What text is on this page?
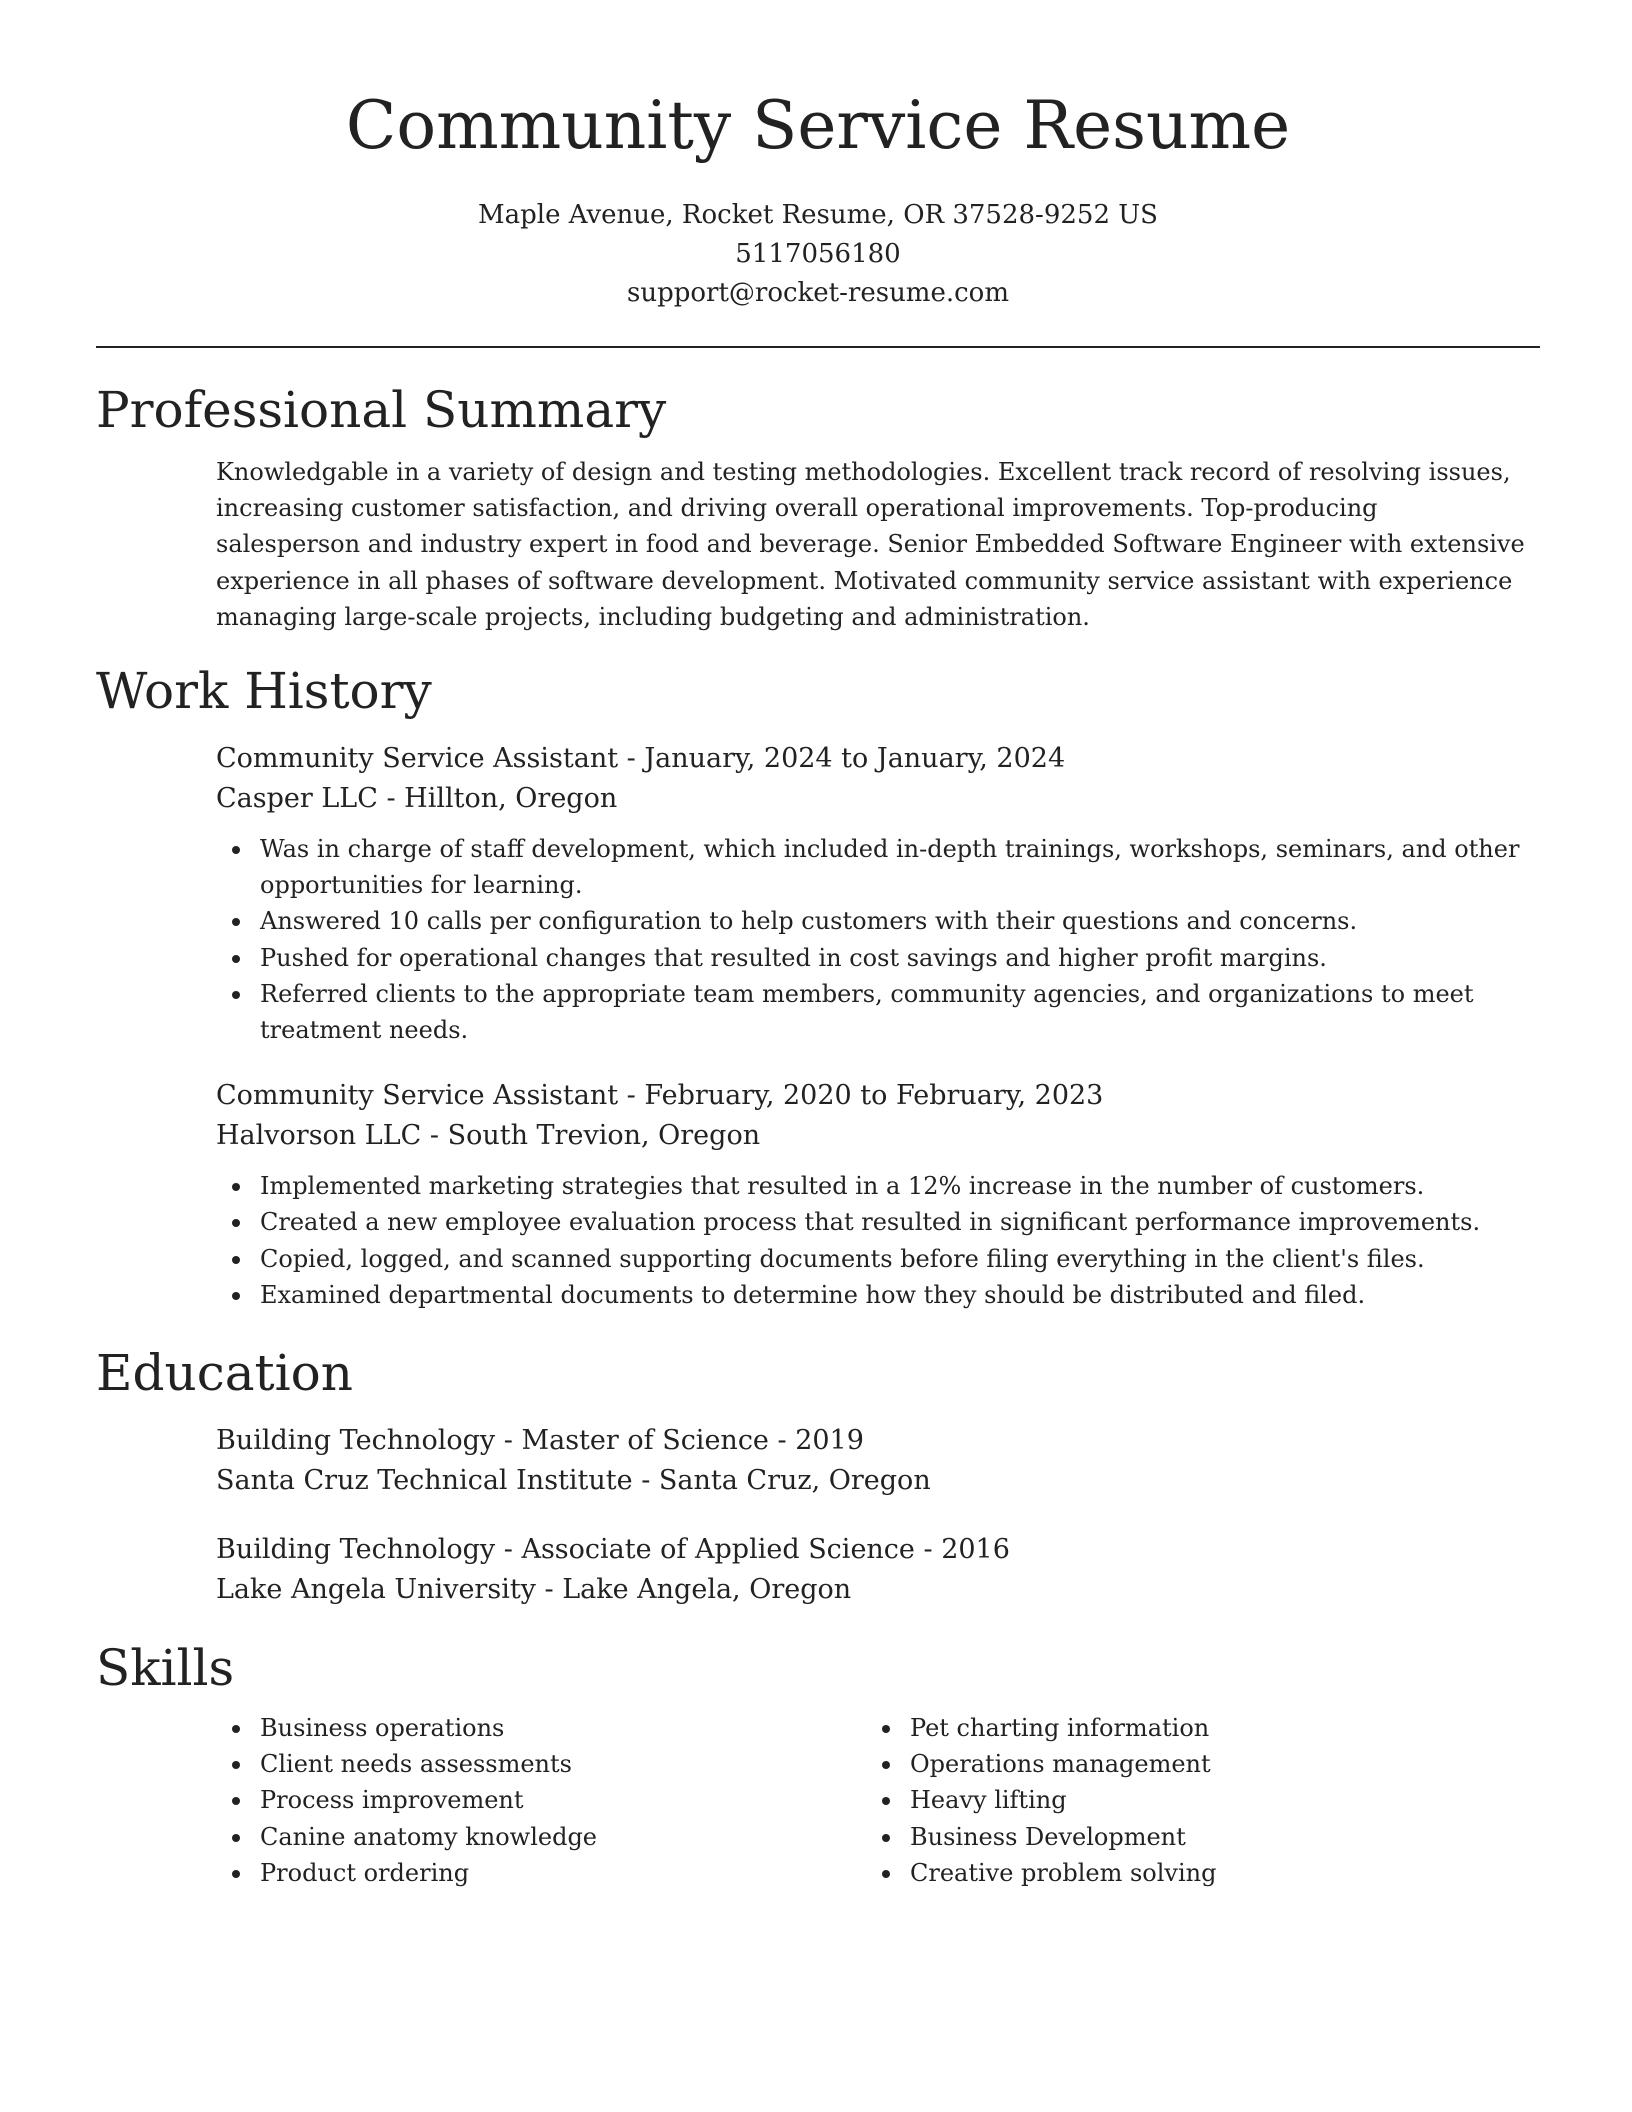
Community Service Resume
Maple Avenue, Rocket Resume, OR 37528-9252 US
5117056180
support@rocket-resume.com
Professional Summary

Knowledgable in a variety of design and testing methodologies. Excellent track record of resolving issues, increasing customer satisfaction, and driving overall operational improvements. Top-producing salesperson and industry expert in food and beverage. Senior Embedded Software Engineer with extensive experience in all phases of software development. Motivated community service assistant with experience managing large-scale projects, including budgeting and administration.

Work History
Community Service Assistant - January, 2024 to January, 2024
Casper LLC - Hillton, Oregon
Was in charge of staff development, which included in-depth trainings, workshops, seminars, and other opportunities for learning.
Answered 10 calls per configuration to help customers with their questions and concerns.
Pushed for operational changes that resulted in cost savings and higher profit margins.
Referred clients to the appropriate team members, community agencies, and organizations to meet treatment needs.
Community Service Assistant - February, 2020 to February, 2023
Halvorson LLC - South Trevion, Oregon
Implemented marketing strategies that resulted in a 12% increase in the number of customers.
Created a new employee evaluation process that resulted in significant performance improvements.
Copied, logged, and scanned supporting documents before filing everything in the client's files.
Examined departmental documents to determine how they should be distributed and filed.
Education
Building Technology - Master of Science - 2019
Santa Cruz Technical Institute - Santa Cruz, Oregon
Building Technology - Associate of Applied Science - 2016
Lake Angela University - Lake Angela, Oregon
Skills
Business operations
Client needs assessments
Process improvement
Canine anatomy knowledge
Product ordering
Pet charting information
Operations management
Heavy lifting
Business Development
Creative problem solving
